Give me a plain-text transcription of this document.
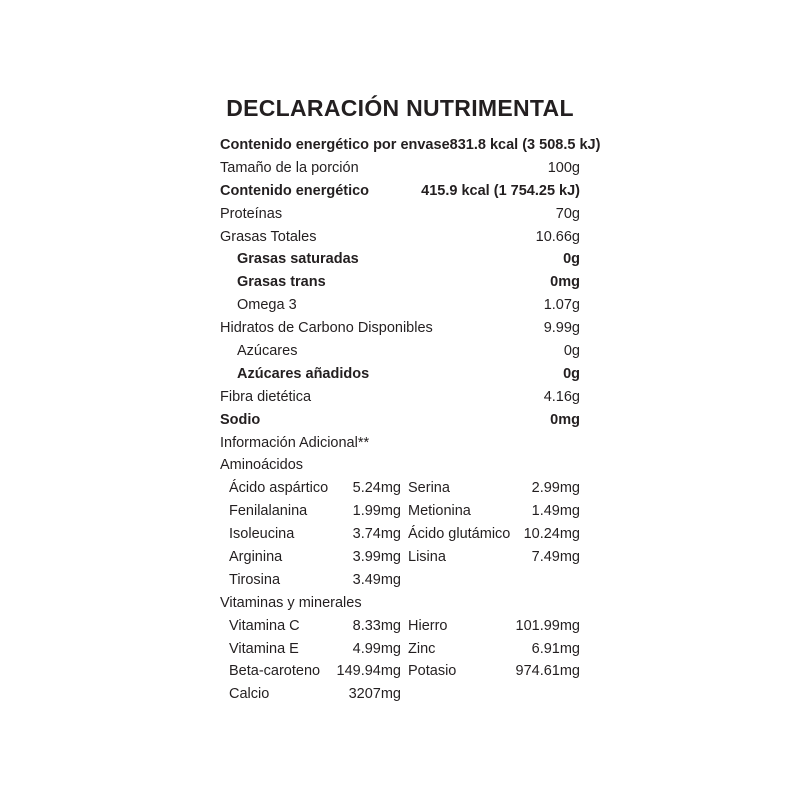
DECLARACIÓN NUTRIMENTAL
Contenido energético por envase 831.8 kcal (3 508.5 kJ)
Tamaño de la porción	100g
Contenido energético	415.9 kcal (1 754.25 kJ)
Proteínas	70g
Grasas Totales	10.66g
Grasas saturadas	0g
Grasas trans	0mg
Omega 3	1.07g
Hidratos de Carbono Disponibles	9.99g
Azúcares	0g
Azúcares añadidos	0g
Fibra dietética	4.16g
Sodio	0mg
Información Adicional**
Aminoácidos
Ácido aspártico 5.24mg Serina	2.99mg
Fenilalanina	1.99mg Metionina	1.49mg
Isoleucina	3.74mg Ácido glutámico 10.24mg
Arginina	3.99mg Lisina	7.49mg
Tirosina	3.49mg
Vitaminas y minerales
Vitamina C	8.33mg Hierro	101.99mg
Vitamina E	4.99mg Zinc	6.91mg
Beta-caroteno 149.94mg Potasio	974.61mg
Calcio	3207mg
